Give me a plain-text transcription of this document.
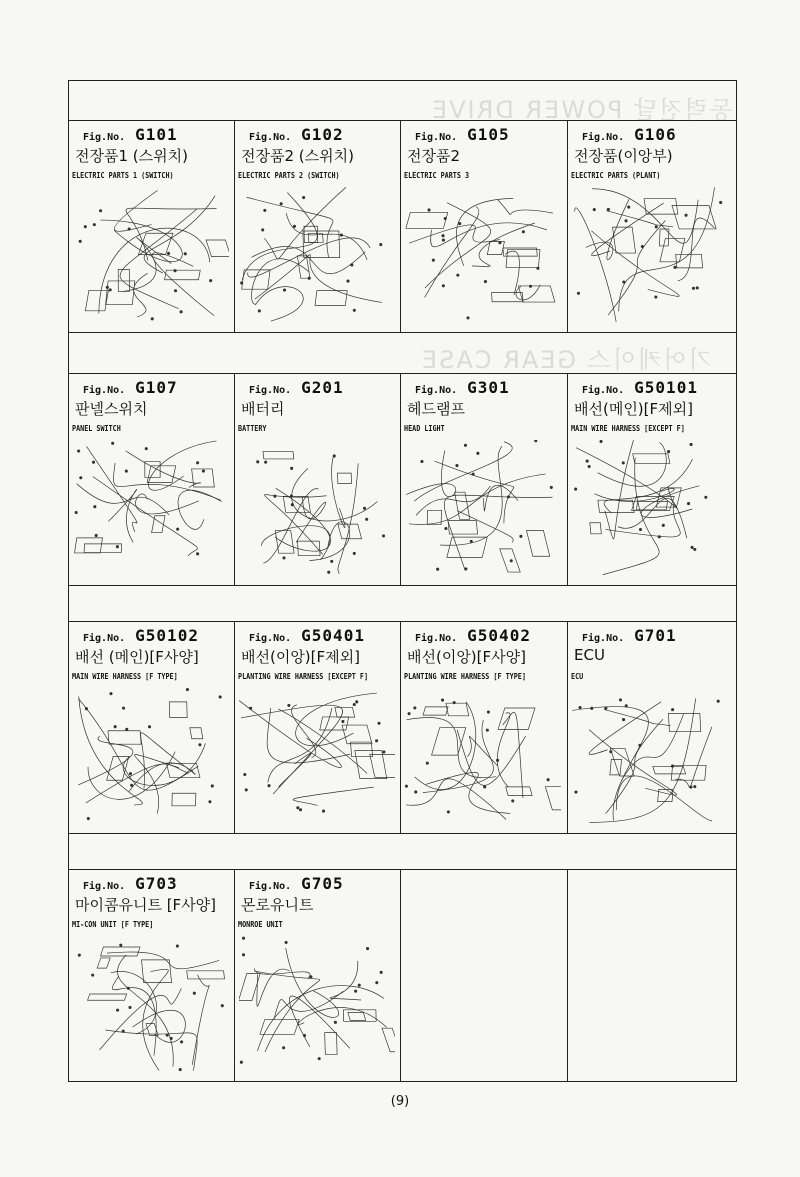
동력전달 POWER DRIVE
기어케이스 GEAR CASE
Fig.No. G101
전장품1 (스위치)
ELECTRIC PARTS 1 (SWITCH)
Fig.No. G102
전장품2 (스위치)
ELECTRIC PARTS 2 (SWITCH)
Fig.No. G105
전장품2
ELECTRIC PARTS 3
Fig.No. G106
전장품(이앙부)
ELECTRIC PARTS (PLANT)
Fig.No. G107
판넬스위치
PANEL SWITCH
Fig.No. G201
배터리
BATTERY
Fig.No. G301
헤드램프
HEAD LIGHT
Fig.No. G50101
배선(메인)[F제외]
MAIN WIRE HARNESS [EXCEPT F]
Fig.No. G50102
배선 (메인)[F사양]
MAIN WIRE HARNESS [F TYPE]
Fig.No. G50401
배선(이앙)[F제외]
PLANTING WIRE HARNESS [EXCEPT F]
Fig.No. G50402
배선(이앙)[F사양]
PLANTING WIRE HARNESS [F TYPE]
Fig.No. G701
ECU
ECU
Fig.No. G703
마이콤유니트 [F사양]
MI-CON UNIT [F TYPE]
Fig.No. G705
몬로유니트
MONROE UNIT
(9)
